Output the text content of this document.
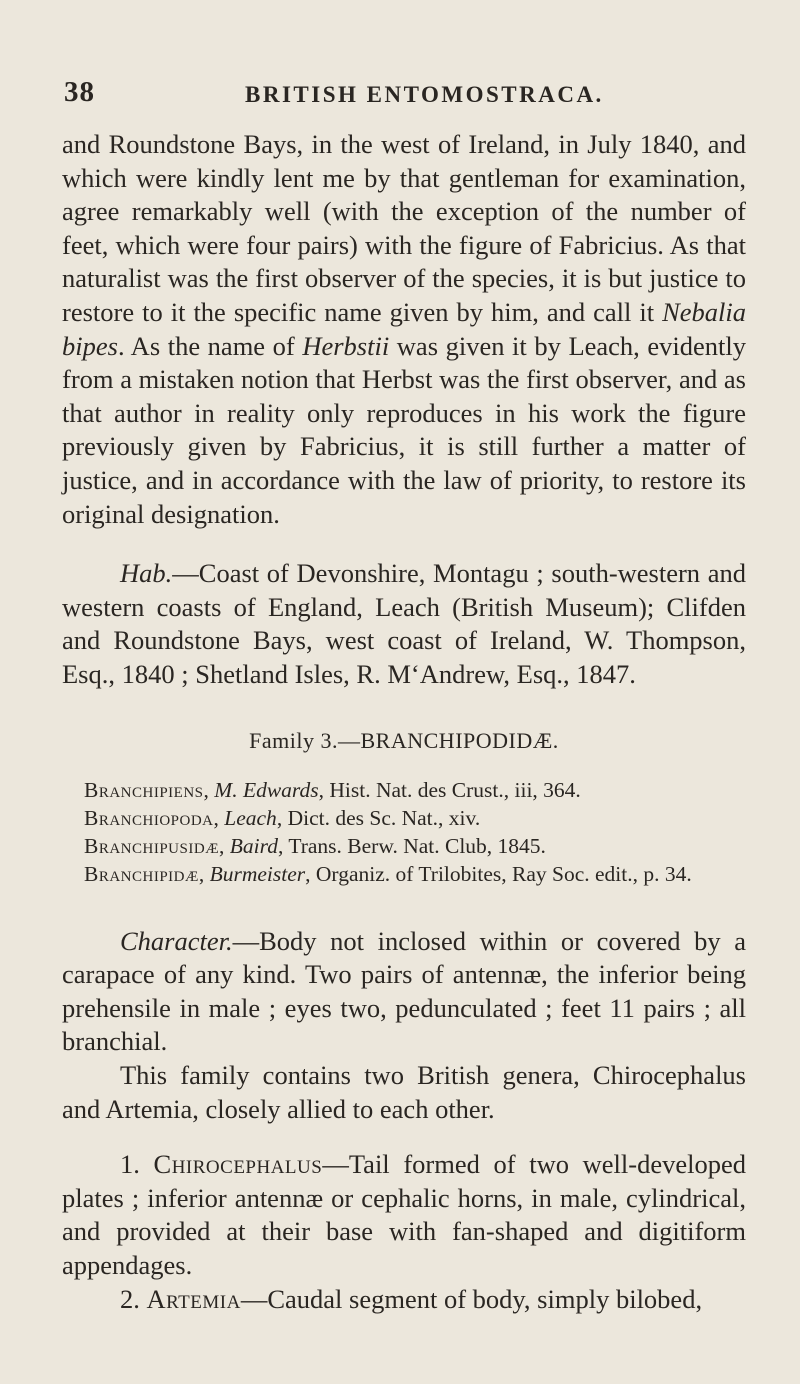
38	BRITISH ENTOMOSTRACA.

and Roundstone Bays, in the west of Ireland, in July 1840, and which were kindly lent me by that gentleman for examination, agree remarkably well (with the exception of the number of feet, which were four pairs) with the figure of Fabricius. As that naturalist was the first observer of the species, it is but justice to restore to it the specific name given by him, and call it Nebalia bipes. As the name of Herbstii was given it by Leach, evidently from a mistaken notion that Herbst was the first observer, and as that author in reality only reproduces in his work the figure previously given by Fabricius, it is still further a matter of justice, and in accordance with the law of priority, to restore its original designation.

Hab.—Coast of Devonshire, Montagu ; south-western and western coasts of England, Leach (British Museum); Clifden and Roundstone Bays, west coast of Ireland, W. Thompson, Esq., 1840 ; Shetland Isles, R. M‘Andrew, Esq., 1847.

Family 3.—BRANCHIPODIDÆ.
Branchipiens, M. Edwards, Hist. Nat. des Crust., iii, 364.
Branchiopoda, Leach, Dict. des Sc. Nat., xiv.
Branchipusidæ, Baird, Trans. Berw. Nat. Club, 1845.
Branchipidæ, Burmeister, Organiz. of Trilobites, Ray Soc. edit., p. 34.

Character.—Body not inclosed within or covered by a carapace of any kind. Two pairs of antennæ, the inferior being prehensile in male ; eyes two, pedunculated ; feet 11 pairs ; all branchial.

This family contains two British genera, Chirocephalus and Artemia, closely allied to each other.

1. Chirocephalus—Tail formed of two well-developed plates ; inferior antennæ or cephalic horns, in male, cylindrical, and provided at their base with fan-shaped and digitiform appendages.

2. Artemia—Caudal segment of body, simply bilobed,
